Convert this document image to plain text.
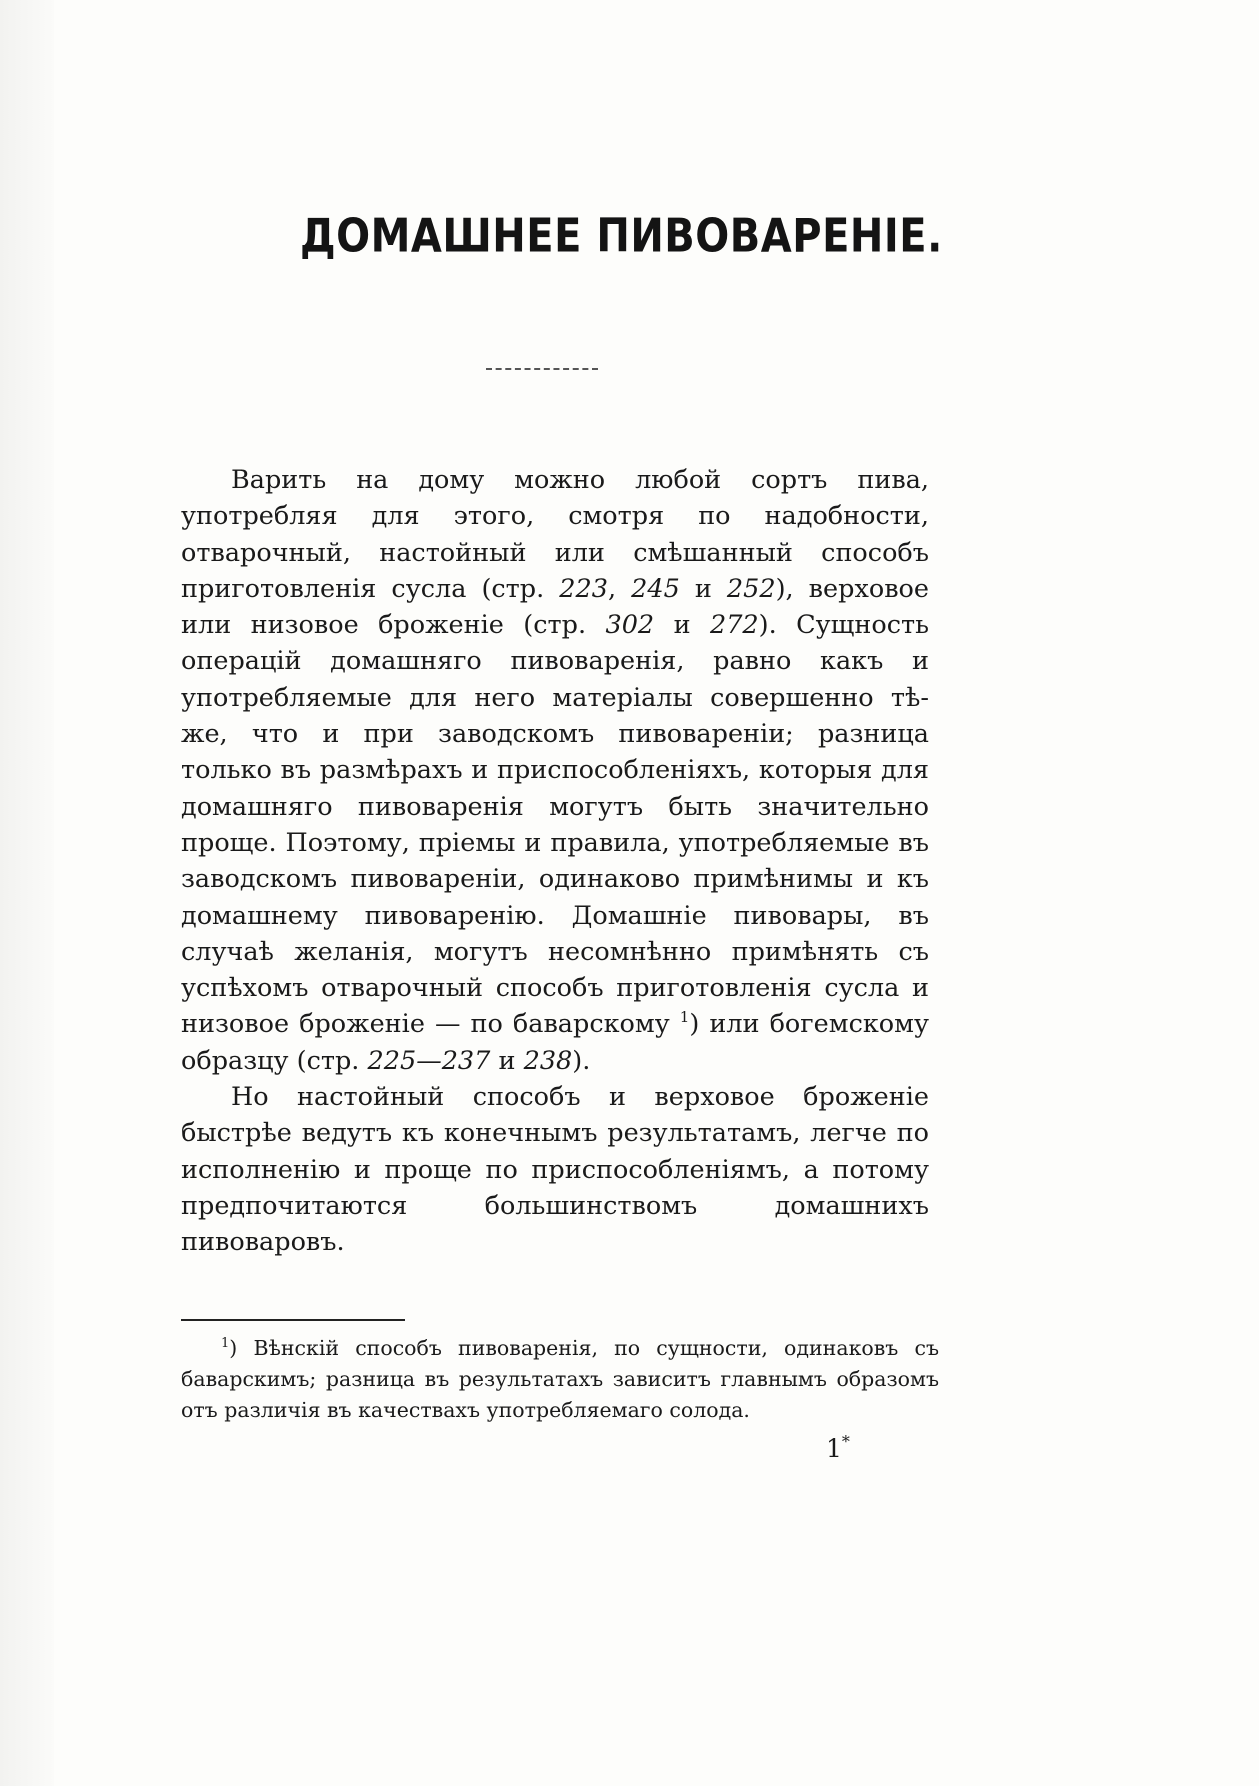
ДОМАШНЕЕ ПИВОВАРЕНІЕ.

Варить на дому можно любой сортъ пива, употребляя для этого, смотря по надобности, отварочный, настойный или смѣшанный способъ приготовленія сусла (стр. 223, 245 и 252), верховое или низовое броженіе (стр. 302 и 272). Сущность операцій домашняго пивоваренія, равно какъ и употребляемые для него матеріалы совершенно тѣ-же, что и при заводскомъ пивовареніи; разница только въ размѣрахъ и приспособленіяхъ, которыя для домашняго пивоваренія могутъ быть значительно проще. Поэтому, пріемы и правила, употребляемые въ заводскомъ пивовареніи, одинаково примѣнимы и къ домашнему пивоваренію. Домашніе пивовары, въ случаѣ желанія, могутъ несомнѣнно примѣнять съ успѣхомъ отварочный способъ приготовленія сусла и низовое броженіе — по баварскому $^1$) или богемскому образцу (стр. 225—237 и 238).

Но настойный способъ и верховое броженіе быстрѣе ведутъ къ конечнымъ результатамъ, легче по исполненію и проще по приспособленіямъ, а потому предпочитаются большинствомъ домашнихъ пивоваровъ.

$^1$) Вѣнскій способъ пивоваренія, по сущности, одинаковъ съ баварскимъ; разница въ результатахъ зависитъ главнымъ образомъ отъ различія въ качествахъ употребляемаго солода.

1*
